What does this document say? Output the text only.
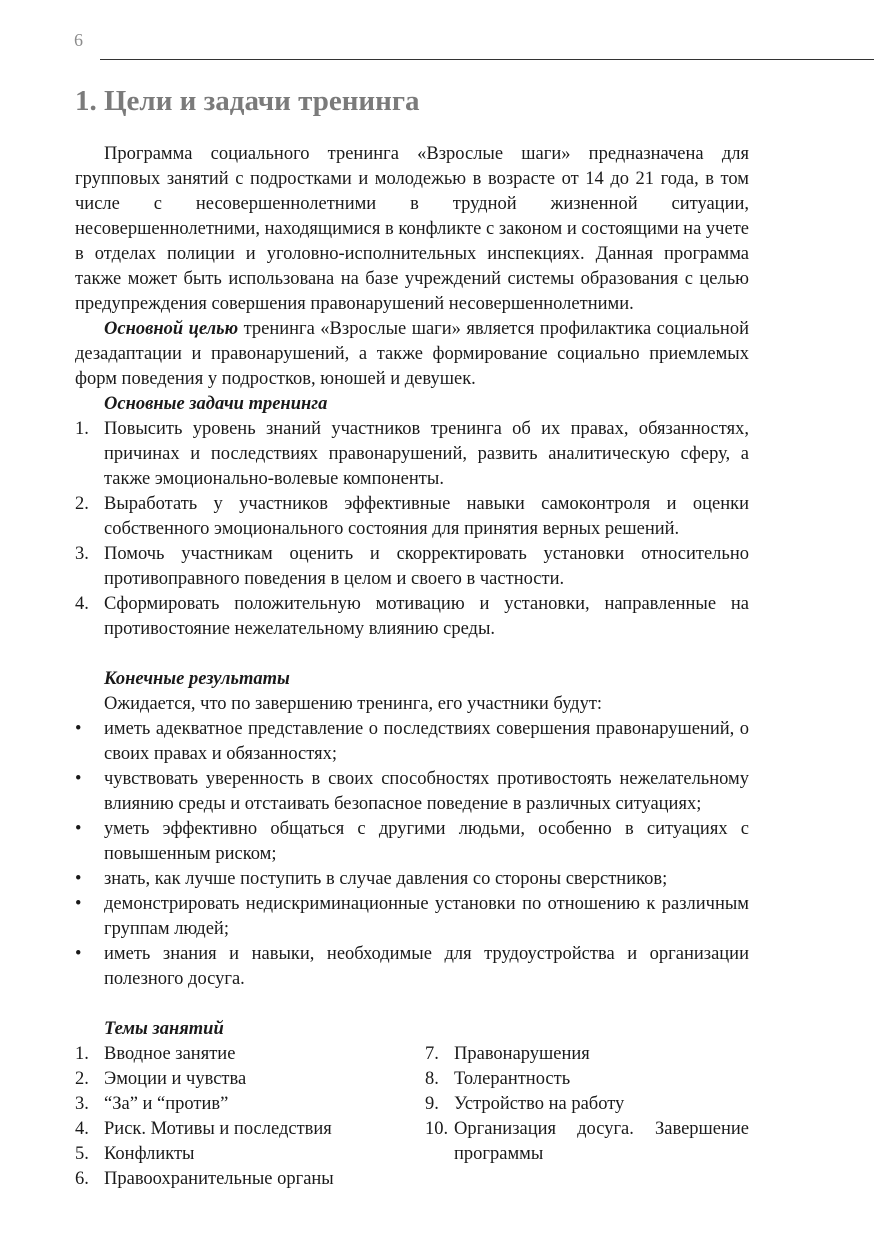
6
1. Цели и задачи тренинга

Программа социального тренинга «Взрослые шаги» предназначена для групповых занятий с подростками и молодежью в возрасте от 14 до 21 года, в том числе с несовершеннолетними в трудной жизненной ситуации, несовершеннолетними, находящимися в конфликте с законом и состоящими на учете в отделах полиции и уголовно-исполнительных инспекциях. Данная программа также может быть использована на базе учреждений системы образования с целью предупреждения совершения правонарушений несовершеннолетними.

Основной целью тренинга «Взрослые шаги» является профилактика социальной дезадаптации и правонарушений, а также формирование социально приемлемых форм поведения у подростков, юношей и девушек.

Основные задачи тренинга
1. Повысить уровень знаний участников тренинга об их правах, обязанностях, причинах и последствиях правонарушений, развить аналитическую сферу, а также эмоционально-волевые компоненты.
2. Выработать у участников эффективные навыки самоконтроля и оценки собственного эмоционального состояния для принятия верных решений.
3. Помочь участникам оценить и скорректировать установки относительно противоправного поведения в целом и своего в частности.
4. Сформировать положительную мотивацию и установки, направленные на противостояние нежелательному влиянию среды.
Конечные результаты

Ожидается, что по завершению тренинга, его участники будут:

• иметь адекватное представление о последствиях совершения правонарушений, о своих правах и обязанностях;
• чувствовать уверенность в своих способностях противостоять нежелательному влиянию среды и отстаивать безопасное поведение в различных ситуациях;
• уметь эффективно общаться с другими людьми, особенно в ситуациях с повышенным риском;
• знать, как лучше поступить в случае давления со стороны сверстников;
• демонстрировать недискриминационные установки по отношению к различным группам людей;
• иметь знания и навыки, необходимые для трудоустройства и организации полезного досуга.
Темы занятий
1. Вводное занятие
2. Эмоции и чувства
3. “За” и “против”
4. Риск. Мотивы и последствия
5. Конфликты
6. Правоохранительные органы
7. Правонарушения
8. Толерантность
9. Устройство на работу
10. Организация досуга. Завершение программы
